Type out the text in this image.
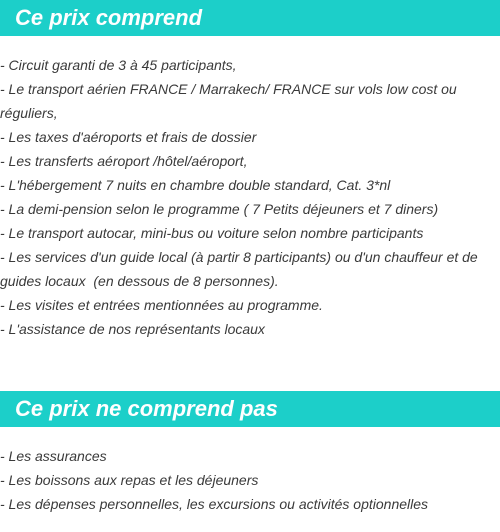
Ce prix comprend
- Circuit garanti de 3 à 45 participants,
- Le transport aérien FRANCE / Marrakech/ FRANCE sur vols low cost ou réguliers,
- Les taxes d'aéroports et frais de dossier
- Les transferts aéroport /hôtel/aéroport,
- L'hébergement 7 nuits en chambre double standard, Cat. 3*nl
- La demi-pension selon le programme ( 7 Petits déjeuners et 7 diners)
- Le transport autocar, mini-bus ou voiture selon nombre participants
- Les services d'un guide local (à partir 8 participants) ou d'un chauffeur et de guides locaux  (en dessous de 8 personnes).
- Les visites et entrées mentionnées au programme.
- L'assistance de nos représentants locaux
Ce prix ne comprend pas
- Les assurances
- Les boissons aux repas et les déjeuners
- Les dépenses personnelles, les excursions ou activités optionnelles
